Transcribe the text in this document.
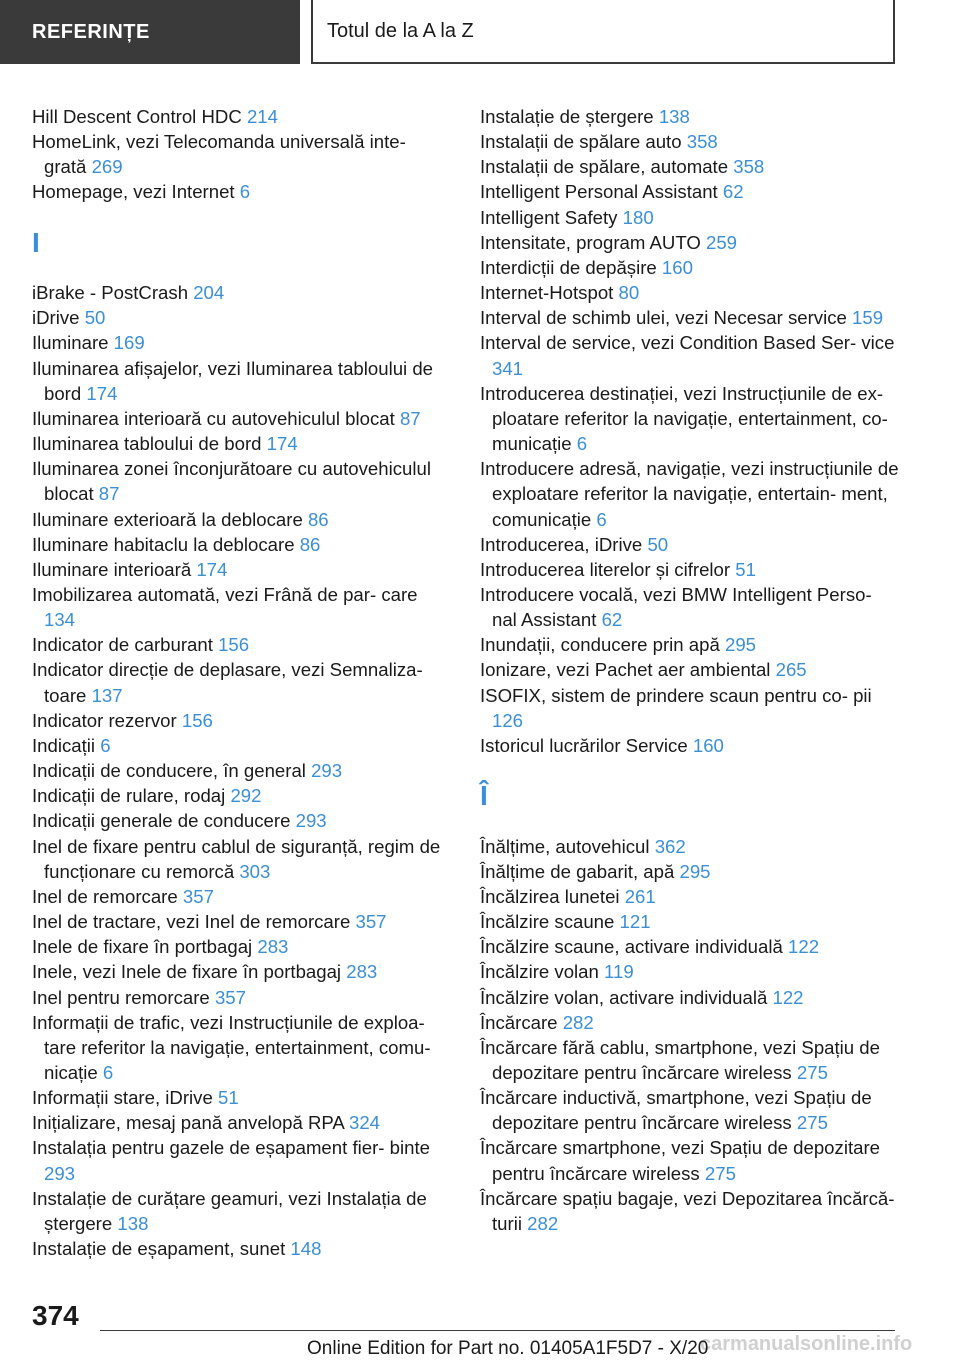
REFERINȚE	Totul de la A la Z
Hill Descent Control HDC 214
HomeLink, vezi Telecomanda universală inte‐ grată 269
Homepage, vezi Internet 6
I
iBrake - PostCrash 204
iDrive 50
Iluminare 169
Iluminarea afișajelor, vezi Iluminarea tabloului de bord 174
Iluminarea interioară cu autovehiculul blocat 87
Iluminarea tabloului de bord 174
Iluminarea zonei înconjurătoare cu autovehiculul blocat 87
Iluminare exterioară la deblocare 86
Iluminare habitaclu la deblocare 86
Iluminare interioară 174
Imobilizarea automată, vezi Frână de par‐ care 134
Indicator de carburant 156
Indicator direcție de deplasare, vezi Semnaliza‐ toare 137
Indicator rezervor 156
Indicații 6
Indicații de conducere, în general 293
Indicații de rulare, rodaj 292
Indicații generale de conducere 293
Inel de fixare pentru cablul de siguranță, regim de funcționare cu remorcă 303
Inel de remorcare 357
Inel de tractare, vezi Inel de remorcare 357
Inele de fixare în portbagaj 283
Inele, vezi Inele de fixare în portbagaj 283
Inel pentru remorcare 357
Informații de trafic, vezi Instrucțiunile de exploa‐ tare referitor la navigație, entertainment, comu‐ nicație 6
Informații stare, iDrive 51
Inițializare, mesaj pană anvelopă RPA 324
Instalația pentru gazele de eșapament fier‐ binte 293
Instalație de curățare geamuri, vezi Instalația de ștergere 138
Instalație de eșapament, sunet 148
Instalație de ștergere 138
Instalații de spălare auto 358
Instalații de spălare, automate 358
Intelligent Personal Assistant 62
Intelligent Safety 180
Intensitate, program AUTO 259
Interdicții de depășire 160
Internet-Hotspot 80
Interval de schimb ulei, vezi Necesar service 159
Interval de service, vezi Condition Based Ser‐ vice 341
Introducerea destinației, vezi Instrucțiunile de ex‐ ploatare referitor la navigație, entertainment, co‐ municație 6
Introducere adresă, navigație, vezi instrucțiunile de exploatare referitor la navigație, entertain‐ ment, comunicație 6
Introducerea, iDrive 50
Introducerea literelor și cifrelor 51
Introducere vocală, vezi BMW Intelligent Perso‐ nal Assistant 62
Inundații, conducere prin apă 295
Ionizare, vezi Pachet aer ambiental 265
ISOFIX, sistem de prindere scaun pentru co‐ pii 126
Istoricul lucrărilor Service 160
Î
Înălțime, autovehicul 362
Înălțime de gabarit, apă 295
Încălzirea lunetei 261
Încălzire scaune 121
Încălzire scaune, activare individuală 122
Încălzire volan 119
Încălzire volan, activare individuală 122
Încărcare 282
Încărcare fără cablu, smartphone, vezi Spațiu de depozitare pentru încărcare wireless 275
Încărcare inductivă, smartphone, vezi Spațiu de depozitare pentru încărcare wireless 275
Încărcare smartphone, vezi Spațiu de depozitare pentru încărcare wireless 275
Încărcare spațiu bagaje, vezi Depozitarea încărcă‐ turii 282
374
carmanualsonline.info
Online Edition for Part no. 01405A1F5D7 - X/20
